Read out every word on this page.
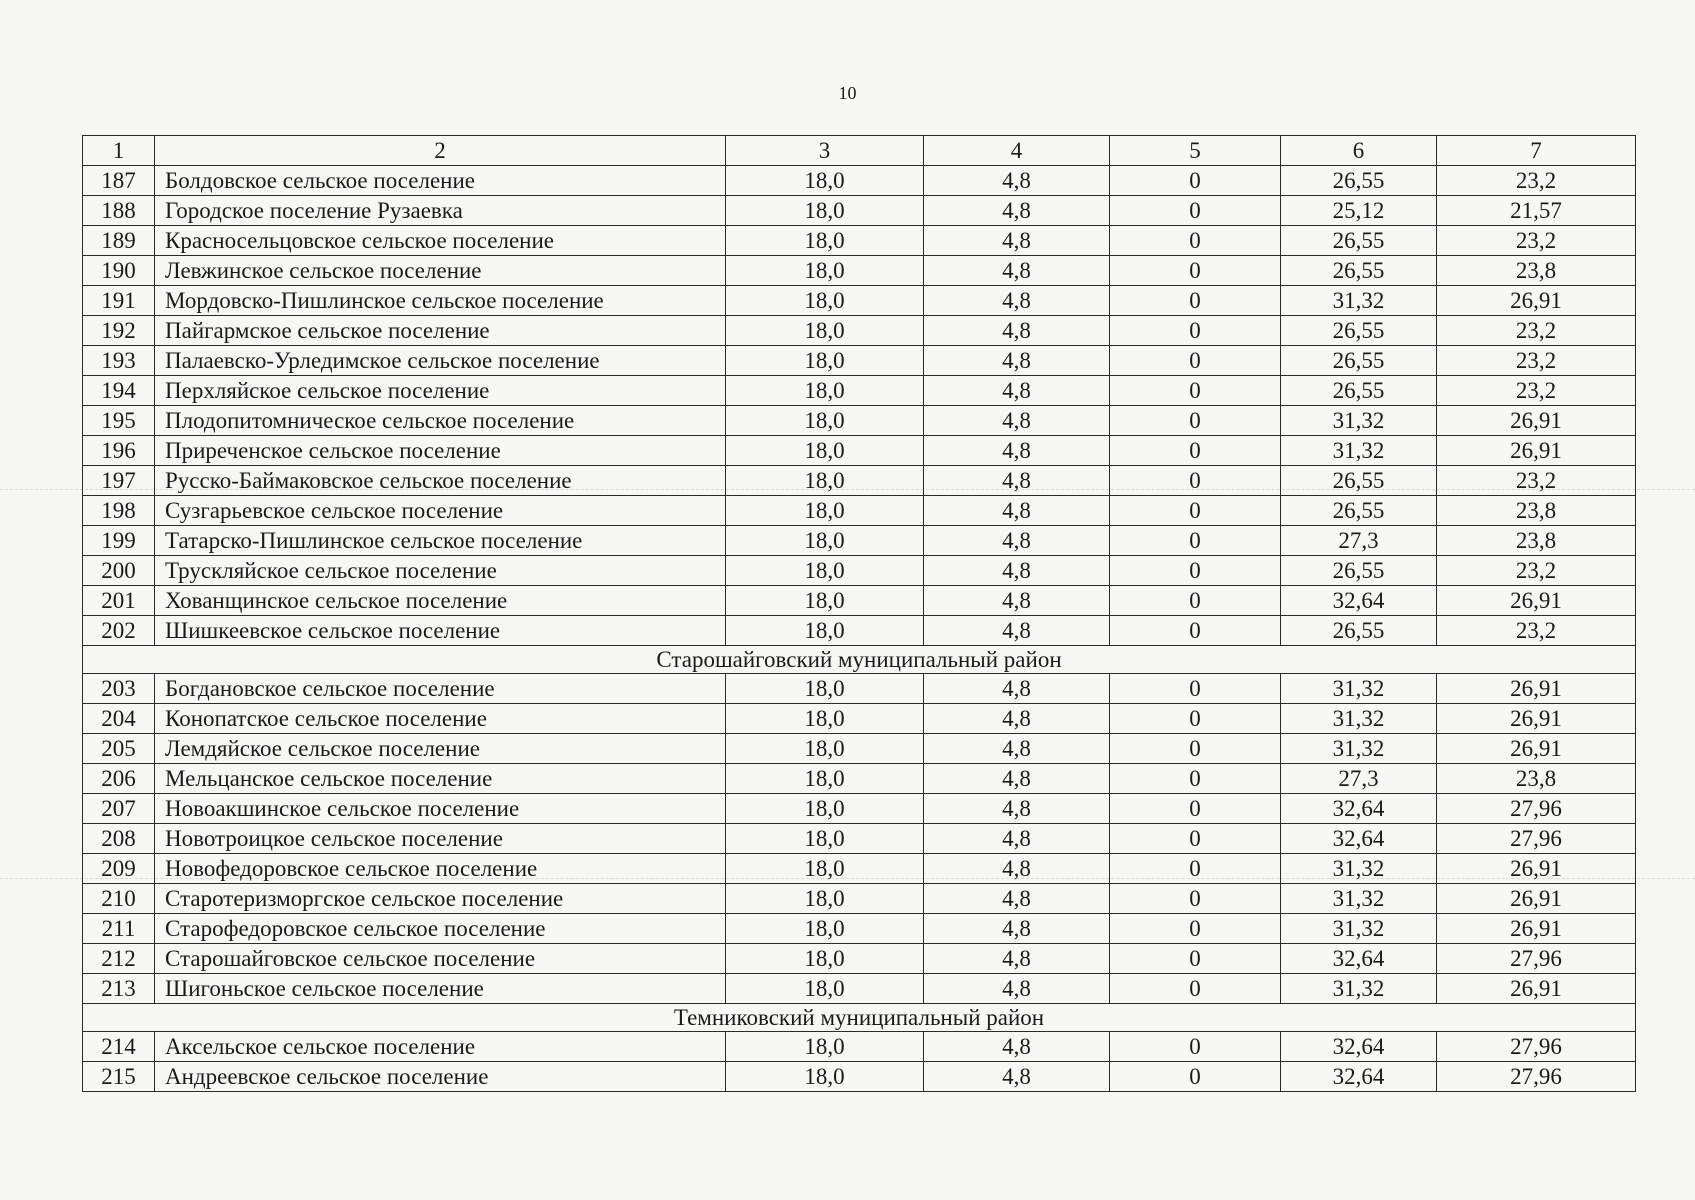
10
1	2	3	4	5	6	7
187	Болдовское сельское поселение	18,0	4,8	0	26,55	23,2
188	Городское поселение Рузаевка	18,0	4,8	0	25,12	21,57
189	Красносельцовское сельское поселение	18,0	4,8	0	26,55	23,2
190	Левжинское сельское поселение	18,0	4,8	0	26,55	23,8
191	Мордовско-Пишлинское сельское поселение	18,0	4,8	0	31,32	26,91
192	Пайгармское сельское поселение	18,0	4,8	0	26,55	23,2
193	Палаевско-Урледимское сельское поселение	18,0	4,8	0	26,55	23,2
194	Перхляйское сельское поселение	18,0	4,8	0	26,55	23,2
195	Плодопитомническое сельское поселение	18,0	4,8	0	31,32	26,91
196	Приреченское сельское поселение	18,0	4,8	0	31,32	26,91
197	Русско-Баймаковское сельское поселение	18,0	4,8	0	26,55	23,2
198	Сузгарьевское сельское поселение	18,0	4,8	0	26,55	23,8
199	Татарско-Пишлинское сельское поселение	18,0	4,8	0	27,3	23,8
200	Трускляйское сельское поселение	18,0	4,8	0	26,55	23,2
201	Хованщинское сельское поселение	18,0	4,8	0	32,64	26,91
202	Шишкеевское сельское поселение	18,0	4,8	0	26,55	23,2
Старошайговский муниципальный район						
203	Богдановское сельское поселение	18,0	4,8	0	31,32	26,91
204	Конопатское сельское поселение	18,0	4,8	0	31,32	26,91
205	Лемдяйское сельское поселение	18,0	4,8	0	31,32	26,91
206	Мельцанское сельское поселение	18,0	4,8	0	27,3	23,8
207	Новоакшинское сельское поселение	18,0	4,8	0	32,64	27,96
208	Новотроицкое сельское поселение	18,0	4,8	0	32,64	27,96
209	Новофедоровское сельское поселение	18,0	4,8	0	31,32	26,91
210	Старотеризморгское сельское поселение	18,0	4,8	0	31,32	26,91
211	Старофедоровское сельское поселение	18,0	4,8	0	31,32	26,91
212	Старошайговское сельское поселение	18,0	4,8	0	32,64	27,96
213	Шигоньское сельское поселение	18,0	4,8	0	31,32	26,91
Темниковский муниципальный район						
214	Аксельское сельское поселение	18,0	4,8	0	32,64	27,96
215	Андреевское сельское поселение	18,0	4,8	0	32,64	27,96
